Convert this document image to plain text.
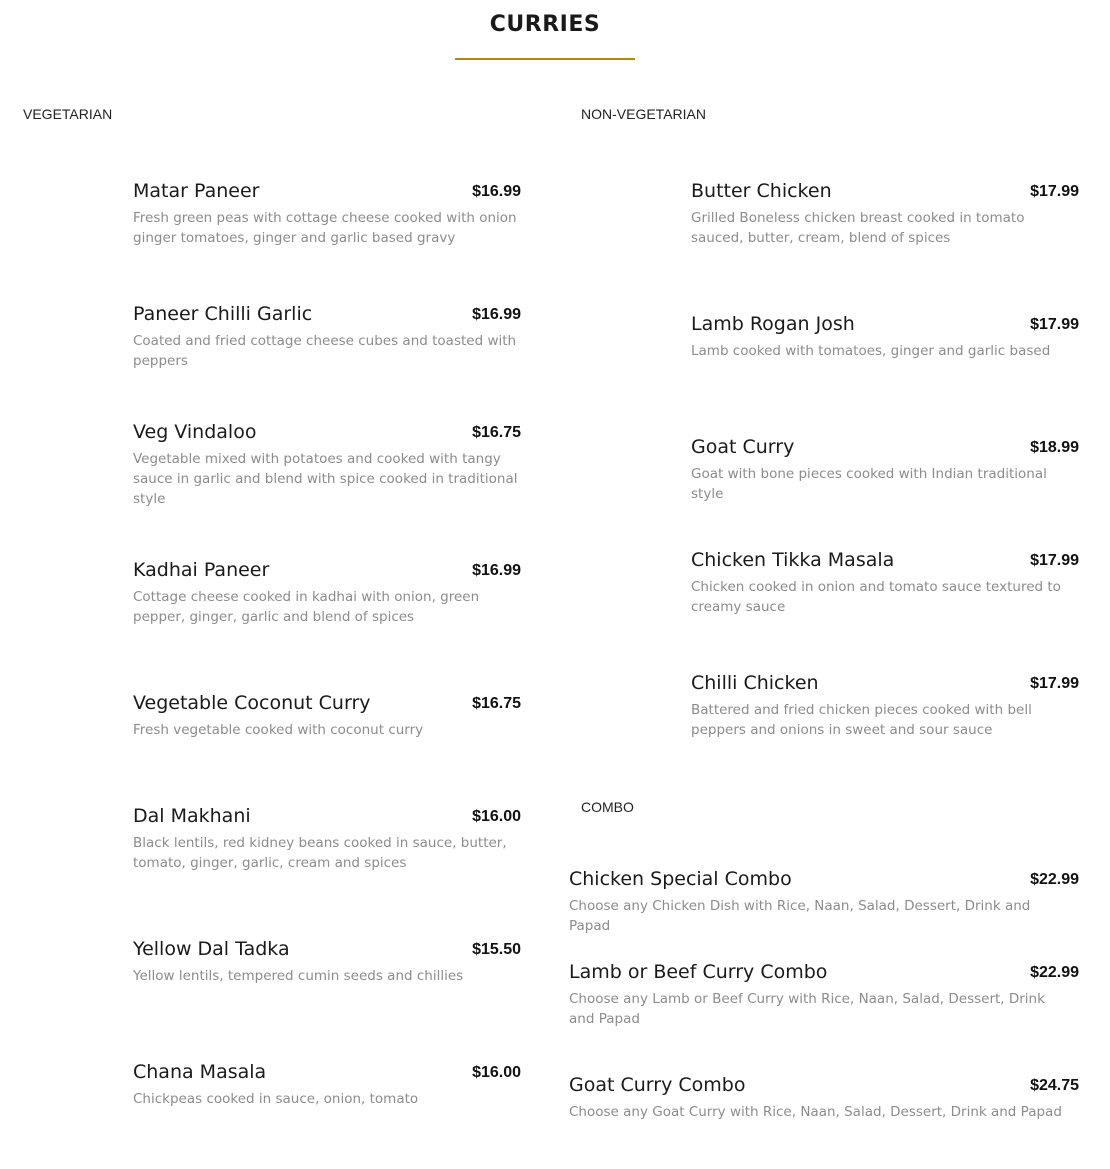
CURRIES

VEGETARIAN

Matar Paneer	$16.99
Fresh green peas with cottage cheese cooked with onion ginger tomatoes, ginger and garlic based gravy
Paneer Chilli Garlic	$16.99
Coated and fried cottage cheese cubes and toasted with peppers
Veg Vindaloo	$16.75
Vegetable mixed with potatoes and cooked with tangy sauce in garlic and blend with spice cooked in traditional style
Kadhai Paneer	$16.99
Cottage cheese cooked in kadhai with onion, green pepper, ginger, garlic and blend of spices
Vegetable Coconut Curry	$16.75
Fresh vegetable cooked with coconut curry
Dal Makhani	$16.00
Black lentils, red kidney beans cooked in sauce, butter, tomato, ginger, garlic, cream and spices
Yellow Dal Tadka	$15.50
Yellow lentils, tempered cumin seeds and chillies
Chana Masala	$16.00
Chickpeas cooked in sauce, onion, tomato

NON-VEGETARIAN

Butter Chicken	$17.99
Grilled Boneless chicken breast cooked in tomato sauced, butter, cream, blend of spices
Lamb Rogan Josh	$17.99
Lamb cooked with tomatoes, ginger and garlic based
Goat Curry	$18.99
Goat with bone pieces cooked with Indian traditional style
Chicken Tikka Masala	$17.99
Chicken cooked in onion and tomato sauce textured to creamy sauce
Chilli Chicken	$17.99
Battered and fried chicken pieces cooked with bell peppers and onions in sweet and sour sauce

COMBO

Chicken Special Combo	$22.99
Choose any Chicken Dish with Rice, Naan, Salad, Dessert, Drink and Papad
Lamb or Beef Curry Combo	$22.99
Choose any Lamb or Beef Curry with Rice, Naan, Salad, Dessert, Drink and Papad
Goat Curry Combo	$24.75
Choose any Goat Curry with Rice, Naan, Salad, Dessert, Drink and Papad
